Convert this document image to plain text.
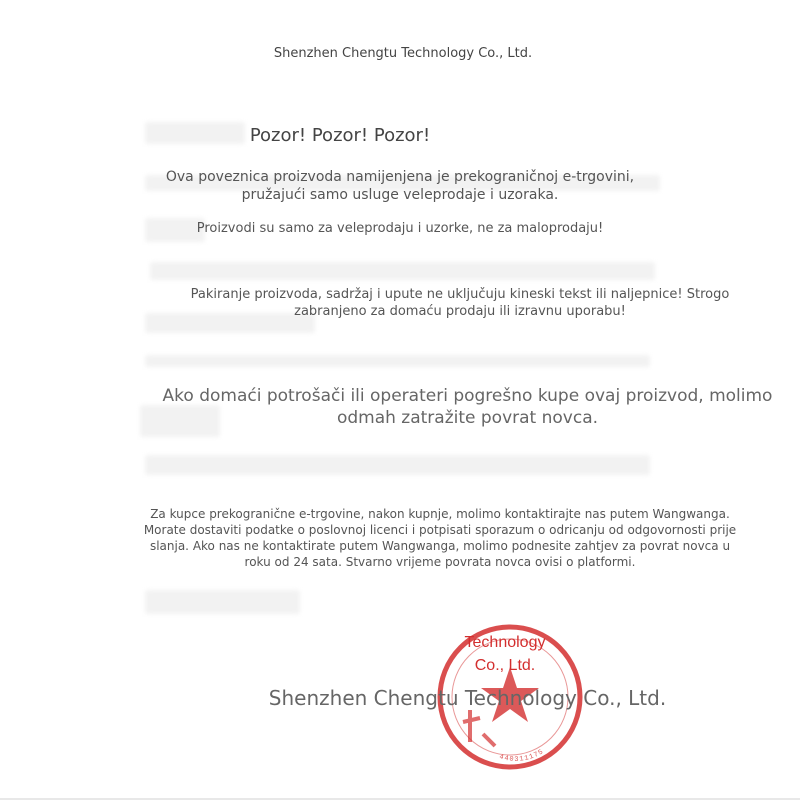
Shenzhen Chengtu Technology Co., Ltd.
Pozor! Pozor! Pozor!
Ova poveznica proizvoda namijenjena je prekograničnoj e-trgovini, pružajući samo usluge veleprodaje i uzoraka.
Proizvodi su samo za veleprodaju i uzorke, ne za maloprodaju!
Pakiranje proizvoda, sadržaj i upute ne uključuju kineski tekst ili naljepnice! Strogo zabranjeno za domaću prodaju ili izravnu uporabu!
Ako domaći potrošači ili operateri pogrešno kupe ovaj proizvod, molimo odmah zatražite povrat novca.
Za kupce prekogranične e-trgovine, nakon kupnje, molimo kontaktirajte nas putem Wangwanga. Morate dostaviti podatke o poslovnoj licenci i potpisati sporazum o odricanju od odgovornosti prije slanja. Ako nas ne kontaktirate putem Wangwanga, molimo podnesite zahtjev za povrat novca u roku od 24 sata. Stvarno vrijeme povrata novca ovisi o platformi.
440311175
Shenzhen Chengtu Technology Co., Ltd.
Technology
Co., Ltd.
